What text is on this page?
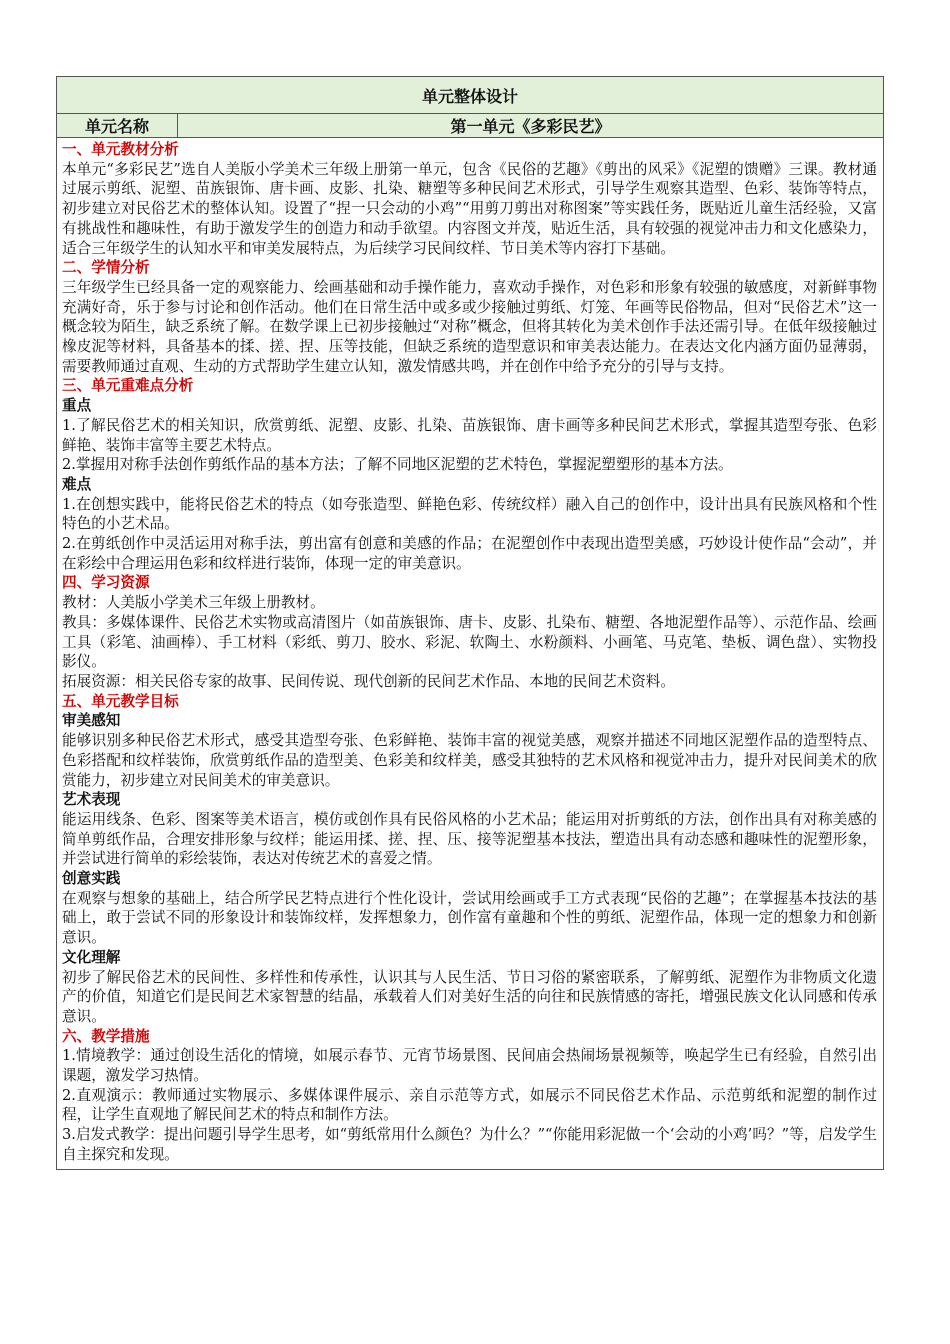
单元整体设计
单元名称	第一单元《多彩民艺》

一、单元教材分析

本单元“多彩民艺”选自人美版小学美术三年级上册第一单元，包含《民俗的艺趣》《剪出的风采》《泥塑的馈赠》三课。教材通过展示剪纸、泥塑、苗族银饰、唐卡画、皮影、扎染、糖塑等多种民间艺术形式，引导学生观察其造型、色彩、装饰等特点，初步建立对民俗艺术的整体认知。设置了“捏一只会动的小鸡”“用剪刀剪出对称图案”等实践任务，既贴近儿童生活经验，又富有挑战性和趣味性，有助于激发学生的创造力和动手欲望。内容图文并茂，贴近生活，具有较强的视觉冲击力和文化感染力，适合三年级学生的认知水平和审美发展特点，为后续学习民间纹样、节日美术等内容打下基础。

二、学情分析

三年级学生已经具备一定的观察能力、绘画基础和动手操作能力，喜欢动手操作，对色彩和形象有较强的敏感度，对新鲜事物充满好奇，乐于参与讨论和创作活动。他们在日常生活中或多或少接触过剪纸、灯笼、年画等民俗物品，但对“民俗艺术”这一概念较为陌生，缺乏系统了解。在数学课上已初步接触过“对称”概念，但将其转化为美术创作手法还需引导。在低年级接触过橡皮泥等材料，具备基本的揉、搓、捏、压等技能，但缺乏系统的造型意识和审美表达能力。在表达文化内涵方面仍显薄弱，需要教师通过直观、生动的方式帮助学生建立认知，激发情感共鸣，并在创作中给予充分的引导与支持。

三、单元重难点分析

重点

1.了解民俗艺术的相关知识，欣赏剪纸、泥塑、皮影、扎染、苗族银饰、唐卡画等多种民间艺术形式，掌握其造型夸张、色彩鲜艳、装饰丰富等主要艺术特点。

2.掌握用对称手法创作剪纸作品的基本方法；了解不同地区泥塑的艺术特色，掌握泥塑塑形的基本方法。

难点

1.在创想实践中，能将民俗艺术的特点（如夸张造型、鲜艳色彩、传统纹样）融入自己的创作中，设计出具有民族风格和个性特色的小艺术品。

2.在剪纸创作中灵活运用对称手法，剪出富有创意和美感的作品；在泥塑创作中表现出造型美感，巧妙设计使作品“会动”，并在彩绘中合理运用色彩和纹样进行装饰，体现一定的审美意识。

四、学习资源

教材：人美版小学美术三年级上册教材。

教具：多媒体课件、民俗艺术实物或高清图片（如苗族银饰、唐卡、皮影、扎染布、糖塑、各地泥塑作品等）、示范作品、绘画工具（彩笔、油画棒）、手工材料（彩纸、剪刀、胶水、彩泥、软陶土、水粉颜料、小画笔、马克笔、垫板、调色盘）、实物投影仪。

拓展资源：相关民俗专家的故事、民间传说、现代创新的民间艺术作品、本地的民间艺术资料。

五、单元教学目标

审美感知

能够识别多种民俗艺术形式，感受其造型夸张、色彩鲜艳、装饰丰富的视觉美感，观察并描述不同地区泥塑作品的造型特点、色彩搭配和纹样装饰，欣赏剪纸作品的造型美、色彩美和纹样美，感受其独特的艺术风格和视觉冲击力，提升对民间美术的欣赏能力，初步建立对民间美术的审美意识。

艺术表现

能运用线条、色彩、图案等美术语言，模仿或创作具有民俗风格的小艺术品；能运用对折剪纸的方法，创作出具有对称美感的简单剪纸作品，合理安排形象与纹样；能运用揉、搓、捏、压、接等泥塑基本技法，塑造出具有动态感和趣味性的泥塑形象，并尝试进行简单的彩绘装饰，表达对传统艺术的喜爱之情。

创意实践

在观察与想象的基础上，结合所学民艺特点进行个性化设计，尝试用绘画或手工方式表现“民俗的艺趣”；在掌握基本技法的基础上，敢于尝试不同的形象设计和装饰纹样，发挥想象力，创作富有童趣和个性的剪纸、泥塑作品，体现一定的想象力和创新意识。

文化理解

初步了解民俗艺术的民间性、多样性和传承性，认识其与人民生活、节日习俗的紧密联系，了解剪纸、泥塑作为非物质文化遗产的价值，知道它们是民间艺术家智慧的结晶，承载着人们对美好生活的向往和民族情感的寄托，增强民族文化认同感和传承意识。

六、教学措施

1.情境教学：通过创设生活化的情境，如展示春节、元宵节场景图、民间庙会热闹场景视频等，唤起学生已有经验，自然引出课题，激发学习热情。

2.直观演示：教师通过实物展示、多媒体课件展示、亲自示范等方式，如展示不同民俗艺术作品、示范剪纸和泥塑的制作过程，让学生直观地了解民间艺术的特点和制作方法。

3.启发式教学：提出问题引导学生思考，如“剪纸常用什么颜色？为什么？”“你能用彩泥做一个‘会动的小鸡’吗？”等，启发学生自主探究和发现。
